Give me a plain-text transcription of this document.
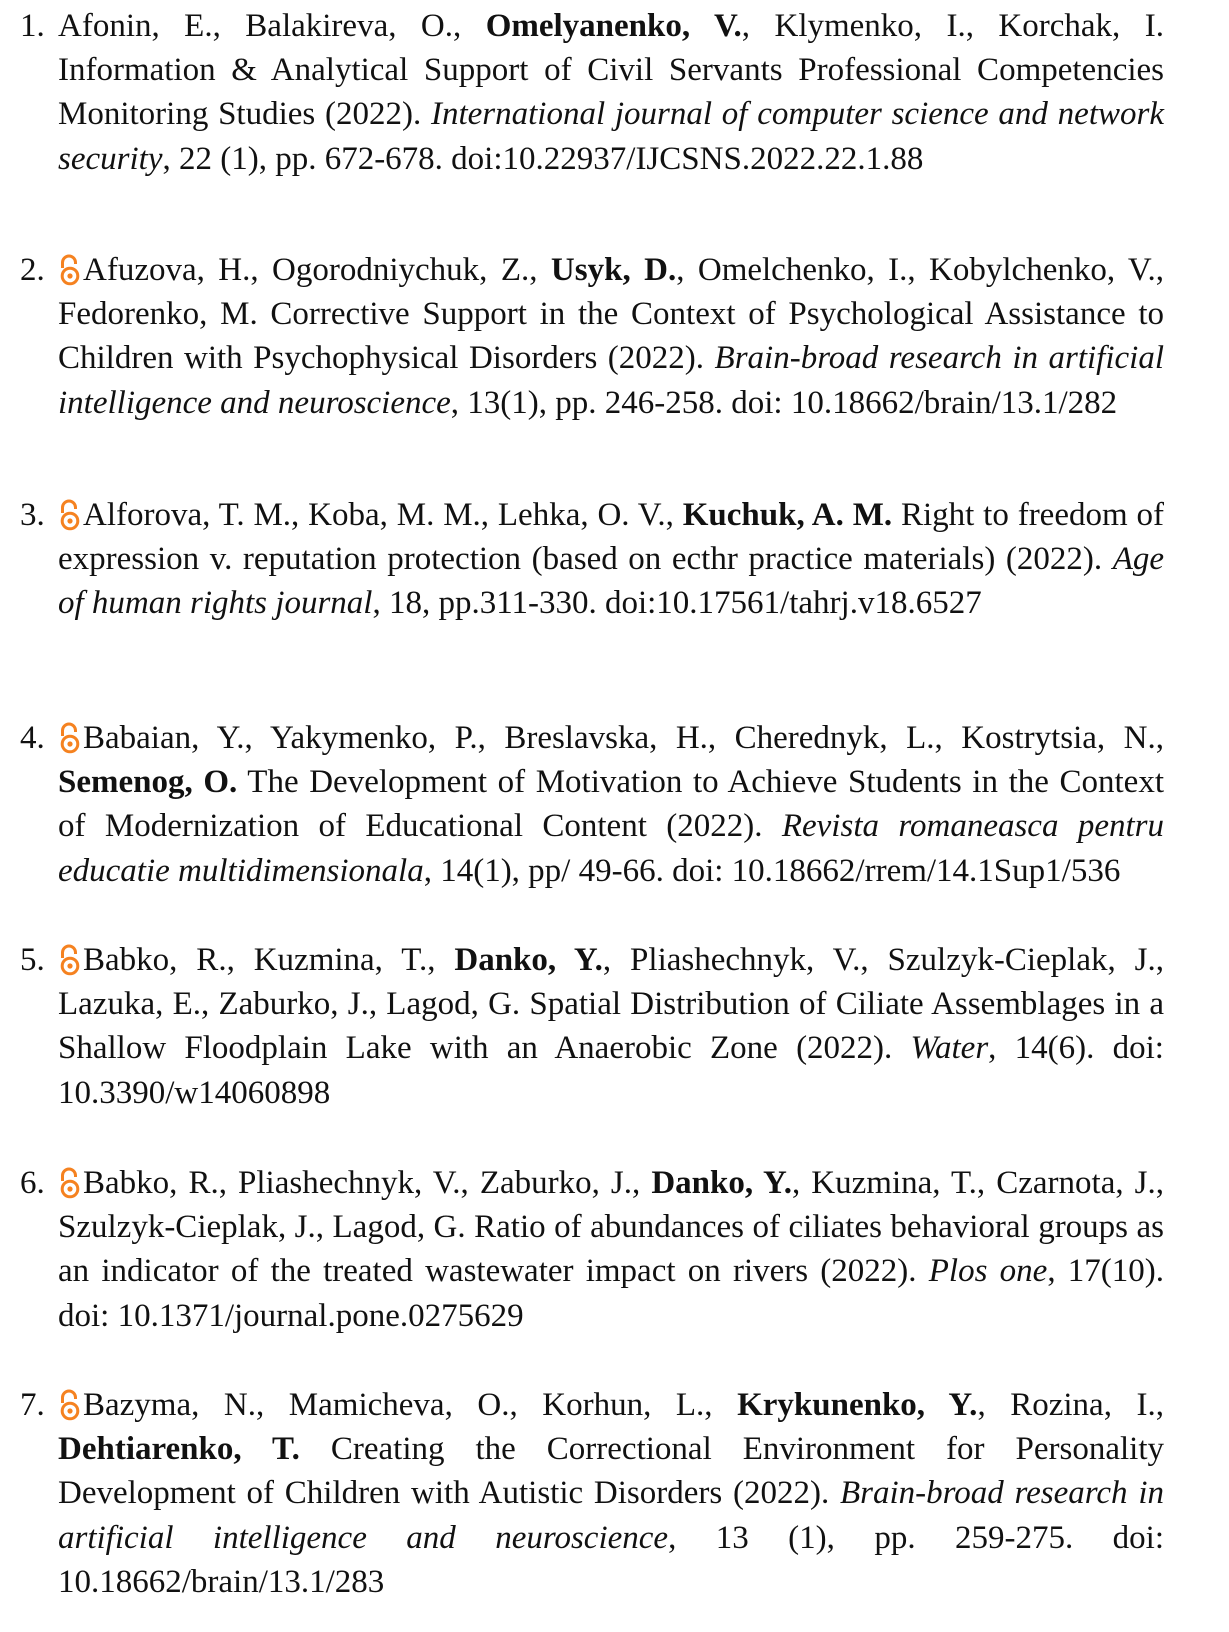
1. Afonin, E., Balakireva, O., Omelyanenko, V., Klymenko, I., Korchak, I. Information & Analytical Support of Civil Servants Professional Competencies Monitoring Studies (2022). International journal of computer science and network security, 22 (1), pp. 672-678. doi:10.22937/IJCSNS.2022.22.1.88
2.	Afuzova, H., Ogorodniychuk, Z., Usyk, D., Omelchenko, I., Kobylchenko, V., Fedorenko, M. Corrective Support in the Context of Psychological Assistance to Children with Psychophysical Disorders (2022). Brain-broad research in artificial intelligence and neuroscience, 13(1), pp. 246-258. doi: 10.18662/brain/13.1/282
3.	Alforova, T. M., Koba, M. M., Lehka, O. V., Kuchuk, A. M. Right to freedom of expression v. reputation protection (based on ecthr practice materials) (2022). Age of human rights journal, 18, pp.311-330. doi:10.17561/tahrj.v18.6527
4.	Babaian, Y., Yakymenko, P., Breslavska, H., Cherednyk, L., Kostrytsia, N., Semenog, O. The Development of Motivation to Achieve Students in the Context of Modernization of Educational Content (2022). Revista romaneasca pentru educatie multidimensionala, 14(1), pp/ 49-66. doi: 10.18662/rrem/14.1Sup1/536
5.	Babko, R., Kuzmina, T., Danko, Y., Pliashechnyk, V., Szulzyk-Cieplak, J., Lazuka, E., Zaburko, J., Lagod, G. Spatial Distribution of Ciliate Assemblages in a Shallow Floodplain Lake with an Anaerobic Zone (2022). Water, 14(6). doi: 10.3390/w14060898
6.	Babko, R., Pliashechnyk, V., Zaburko, J., Danko, Y., Kuzmina, T., Czarnota, J., Szulzyk-Cieplak, J., Lagod, G. Ratio of abundances of ciliates behavioral groups as an indicator of the treated wastewater impact on rivers (2022). Plos one, 17(10). doi: 10.1371/journal.pone.0275629
7.	Bazyma, N., Mamicheva, O., Korhun, L., Krykunenko, Y., Rozina, I., Dehtiarenko, T. Creating the Correctional Environment for Personality Development of Children with Autistic Disorders (2022). Brain-broad research in artificial intelligence and neuroscience, 13 (1), pp. 259-275. doi: 10.18662/brain/13.1/283
